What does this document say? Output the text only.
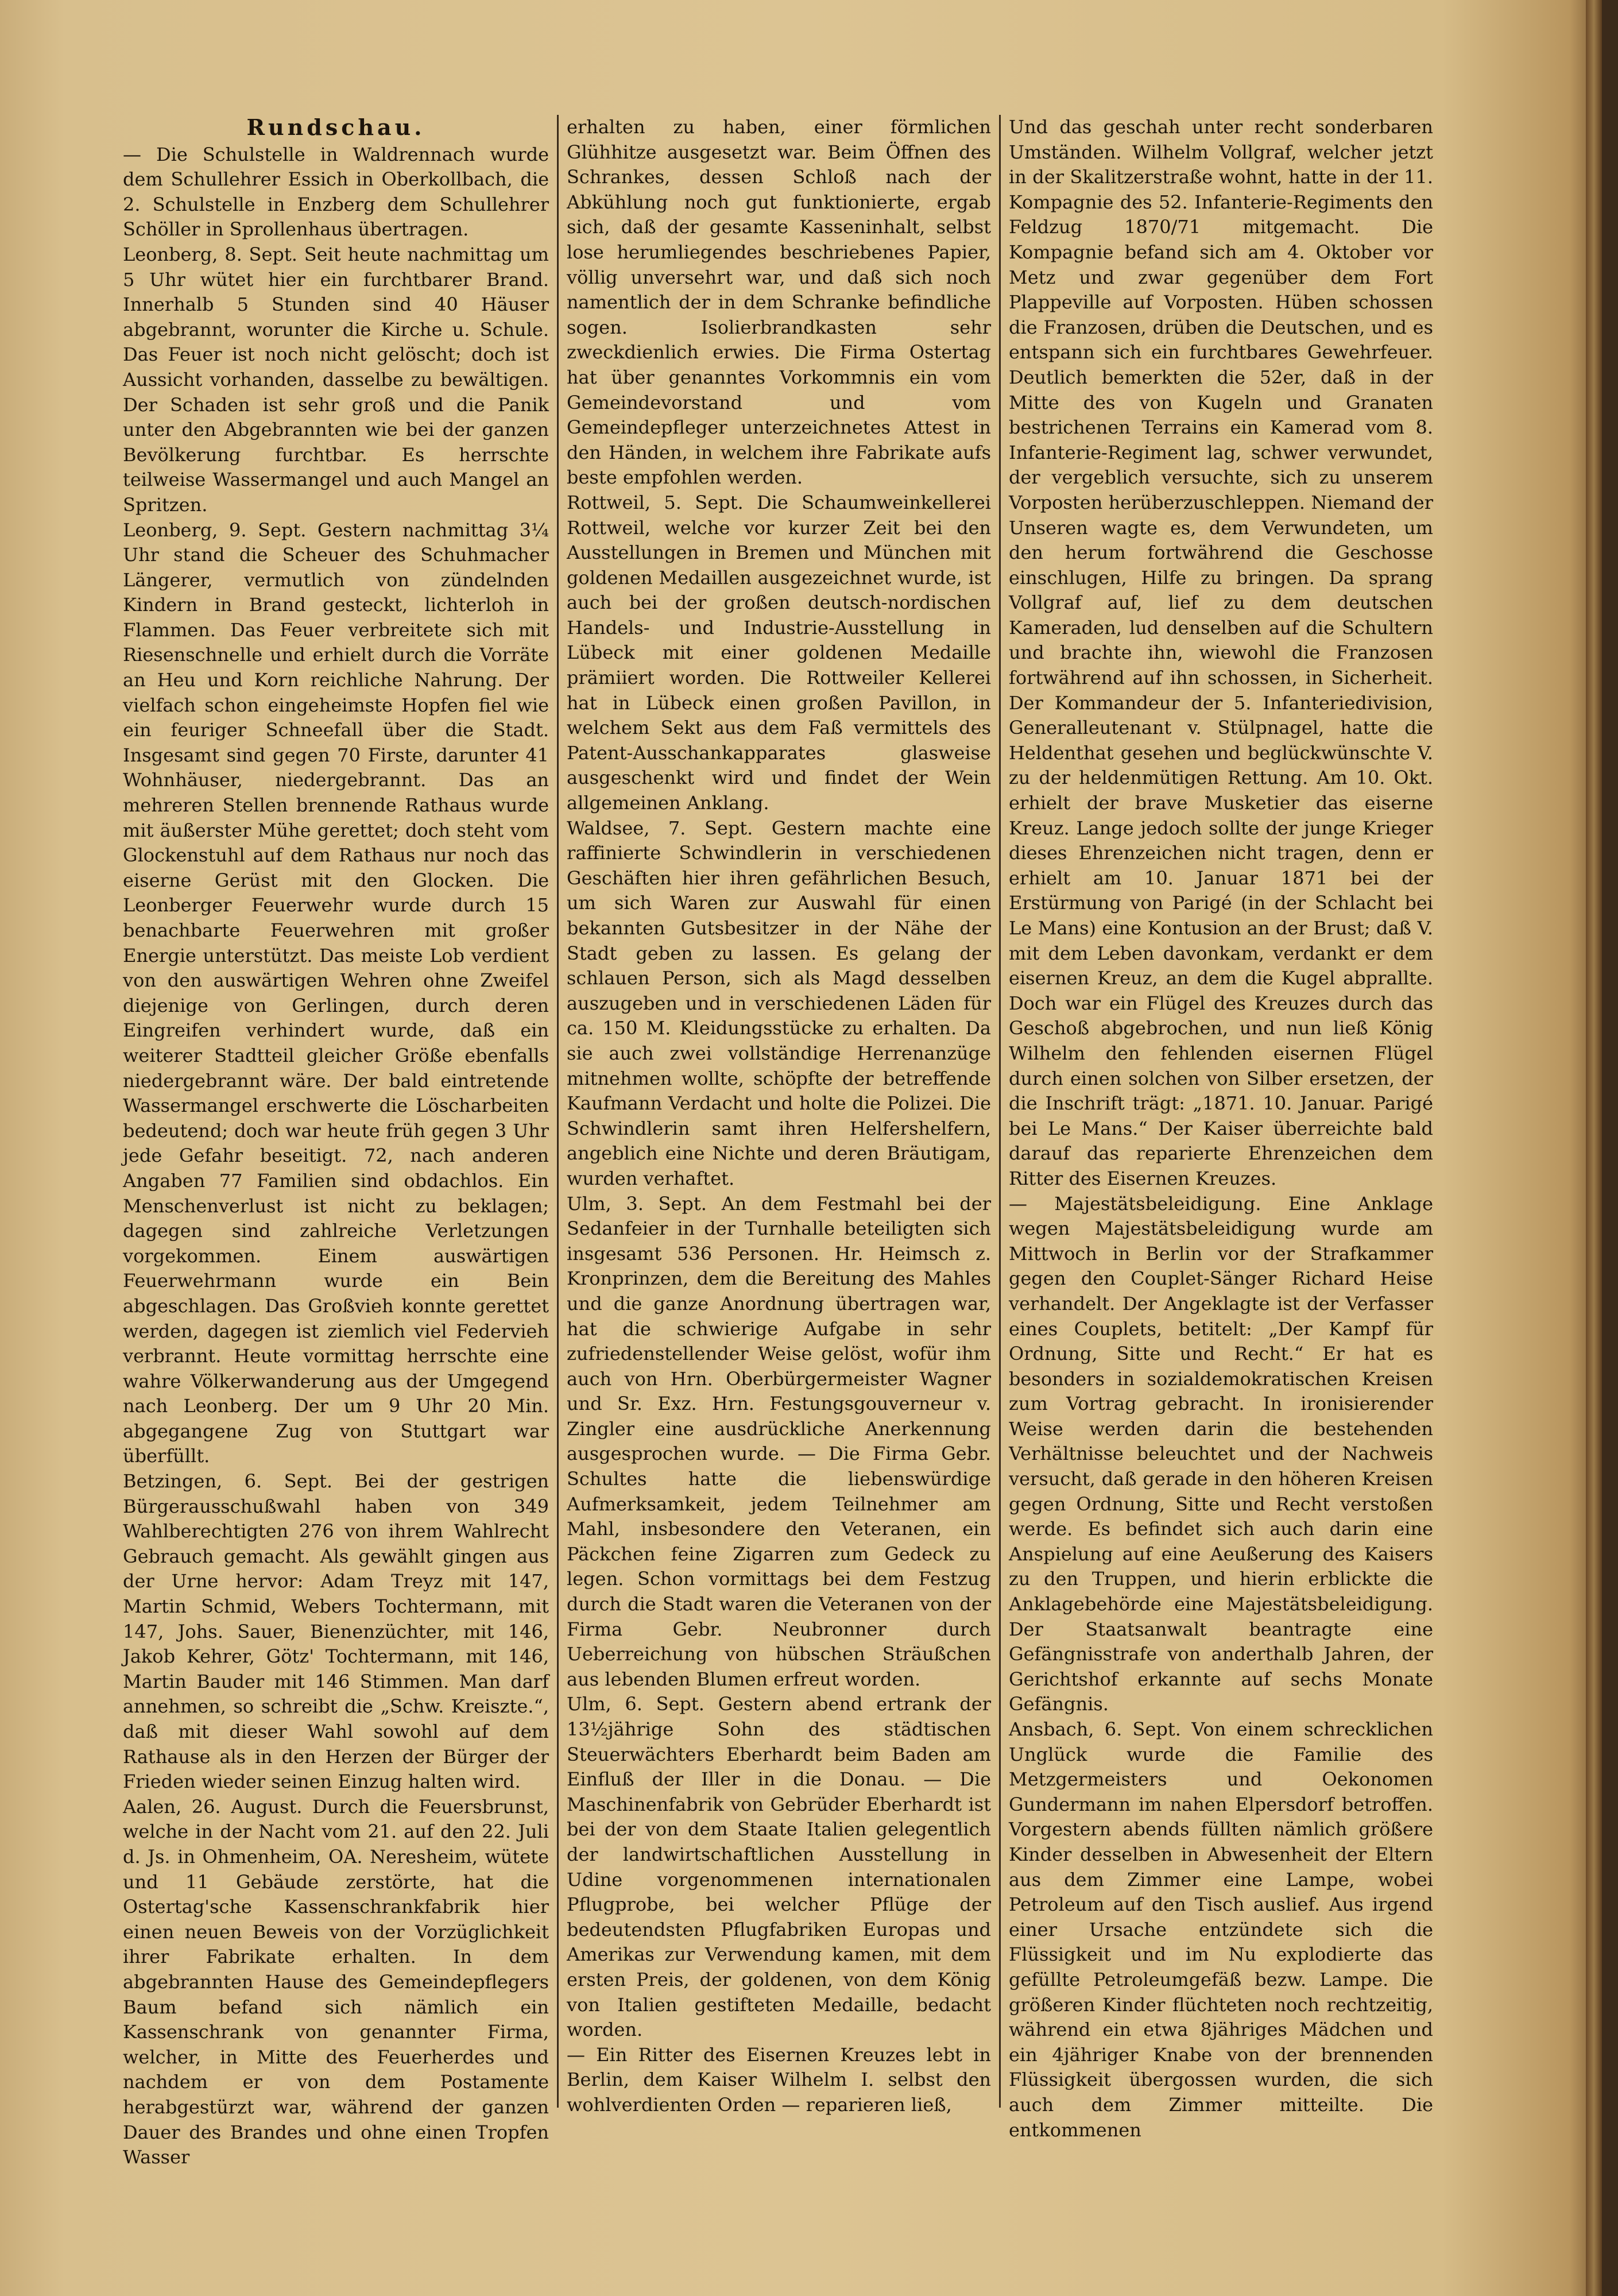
Rundschau.

— Die Schulstelle in Waldrennach wurde dem Schullehrer Essich in Oberkollbach, die 2. Schulstelle in Enzberg dem Schullehrer Schöller in Sprollenhaus übertragen.

Leonberg, 8. Sept. Seit heute nachmittag um 5 Uhr wütet hier ein furchtbarer Brand. Innerhalb 5 Stunden sind 40 Häuser abgebrannt, worunter die Kirche u. Schule. Das Feuer ist noch nicht gelöscht; doch ist Aussicht vorhanden, dasselbe zu bewältigen. Der Schaden ist sehr groß und die Panik unter den Abgebrannten wie bei der ganzen Bevölkerung furchtbar. Es herrschte teilweise Wassermangel und auch Mangel an Spritzen.

Leonberg, 9. Sept. Gestern nachmittag 3¼ Uhr stand die Scheuer des Schuhmacher Längerer, vermutlich von zündelnden Kindern in Brand gesteckt, lichterloh in Flammen. Das Feuer verbreitete sich mit Riesenschnelle und erhielt durch die Vorräte an Heu und Korn reichliche Nahrung. Der vielfach schon eingeheimste Hopfen fiel wie ein feuriger Schneefall über die Stadt. Insgesamt sind gegen 70 Firste, darunter 41 Wohnhäuser, niedergebrannt. Das an mehreren Stellen brennende Rathaus wurde mit äußerster Mühe gerettet; doch steht vom Glockenstuhl auf dem Rathaus nur noch das eiserne Gerüst mit den Glocken. Die Leonberger Feuerwehr wurde durch 15 benachbarte Feuerwehren mit großer Energie unterstützt. Das meiste Lob verdient von den auswärtigen Wehren ohne Zweifel diejenige von Gerlingen, durch deren Eingreifen verhindert wurde, daß ein weiterer Stadtteil gleicher Größe ebenfalls niedergebrannt wäre. Der bald eintretende Wassermangel erschwerte die Löscharbeiten bedeutend; doch war heute früh gegen 3 Uhr jede Gefahr beseitigt. 72, nach anderen Angaben 77 Familien sind obdachlos. Ein Menschenverlust ist nicht zu beklagen; dagegen sind zahlreiche Verletzungen vorgekommen. Einem auswärtigen Feuerwehrmann wurde ein Bein abgeschlagen. Das Großvieh konnte gerettet werden, dagegen ist ziemlich viel Federvieh verbrannt. Heute vormittag herrschte eine wahre Völkerwanderung aus der Umgegend nach Leonberg. Der um 9 Uhr 20 Min. abgegangene Zug von Stuttgart war überfüllt.

Betzingen, 6. Sept. Bei der gestrigen Bürgerausschußwahl haben von 349 Wahlberechtigten 276 von ihrem Wahlrecht Gebrauch gemacht. Als gewählt gingen aus der Urne hervor: Adam Treyz mit 147, Martin Schmid, Webers Tochtermann, mit 147, Johs. Sauer, Bienenzüchter, mit 146, Jakob Kehrer, Götz' Tochtermann, mit 146, Martin Bauder mit 146 Stimmen. Man darf annehmen, so schreibt die „Schw. Kreiszte.“, daß mit dieser Wahl sowohl auf dem Rathause als in den Herzen der Bürger der Frieden wieder seinen Einzug halten wird.

Aalen, 26. August. Durch die Feuersbrunst, welche in der Nacht vom 21. auf den 22. Juli d. Js. in Ohmenheim, OA. Neresheim, wütete und 11 Gebäude zerstörte, hat die Ostertag'sche Kassenschrankfabrik hier einen neuen Beweis von der Vorzüglichkeit ihrer Fabrikate erhalten. In dem abgebrannten Hause des Gemeindepflegers Baum befand sich nämlich ein Kassenschrank von genannter Firma, welcher, in Mitte des Feuerherdes und nachdem er von dem Postamente herabgestürzt war, während der ganzen Dauer des Brandes und ohne einen Tropfen Wasser

erhalten zu haben, einer förmlichen Glühhitze ausgesetzt war. Beim Öffnen des Schrankes, dessen Schloß nach der Abkühlung noch gut funktionierte, ergab sich, daß der gesamte Kasseninhalt, selbst lose herumliegendes beschriebenes Papier, völlig unversehrt war, und daß sich noch namentlich der in dem Schranke befindliche sogen. Isolierbrandkasten sehr zweckdienlich erwies. Die Firma Ostertag hat über genanntes Vorkommnis ein vom Gemeindevorstand und vom Gemeindepfleger unterzeichnetes Attest in den Händen, in welchem ihre Fabrikate aufs beste empfohlen werden.

Rottweil, 5. Sept. Die Schaumweinkellerei Rottweil, welche vor kurzer Zeit bei den Ausstellungen in Bremen und München mit goldenen Medaillen ausgezeichnet wurde, ist auch bei der großen deutsch-nordischen Handels- und Industrie-Ausstellung in Lübeck mit einer goldenen Medaille prämiiert worden. Die Rottweiler Kellerei hat in Lübeck einen großen Pavillon, in welchem Sekt aus dem Faß vermittels des Patent-Ausschankapparates glasweise ausgeschenkt wird und findet der Wein allgemeinen Anklang.

Waldsee, 7. Sept. Gestern machte eine raffinierte Schwindlerin in verschiedenen Geschäften hier ihren gefährlichen Besuch, um sich Waren zur Auswahl für einen bekannten Gutsbesitzer in der Nähe der Stadt geben zu lassen. Es gelang der schlauen Person, sich als Magd desselben auszugeben und in verschiedenen Läden für ca. 150 M. Kleidungsstücke zu erhalten. Da sie auch zwei vollständige Herrenanzüge mitnehmen wollte, schöpfte der betreffende Kaufmann Verdacht und holte die Polizei. Die Schwindlerin samt ihren Helfershelfern, angeblich eine Nichte und deren Bräutigam, wurden verhaftet.

Ulm, 3. Sept. An dem Festmahl bei der Sedanfeier in der Turnhalle beteiligten sich insgesamt 536 Personen. Hr. Heimsch z. Kronprinzen, dem die Bereitung des Mahles und die ganze Anordnung übertragen war, hat die schwierige Aufgabe in sehr zufriedenstellender Weise gelöst, wofür ihm auch von Hrn. Oberbürgermeister Wagner und Sr. Exz. Hrn. Festungsgouverneur v. Zingler eine ausdrückliche Anerkennung ausgesprochen wurde. — Die Firma Gebr. Schultes hatte die liebenswürdige Aufmerksamkeit, jedem Teilnehmer am Mahl, insbesondere den Veteranen, ein Päckchen feine Zigarren zum Gedeck zu legen. Schon vormittags bei dem Festzug durch die Stadt waren die Veteranen von der Firma Gebr. Neubronner durch Ueberreichung von hübschen Sträußchen aus lebenden Blumen erfreut worden.

Ulm, 6. Sept. Gestern abend ertrank der 13½jährige Sohn des städtischen Steuerwächters Eberhardt beim Baden am Einfluß der Iller in die Donau. — Die Maschinenfabrik von Gebrüder Eberhardt ist bei der von dem Staate Italien gelegentlich der landwirtschaftlichen Ausstellung in Udine vorgenommenen internationalen Pflugprobe, bei welcher Pflüge der bedeutendsten Pflugfabriken Europas und Amerikas zur Verwendung kamen, mit dem ersten Preis, der goldenen, von dem König von Italien gestifteten Medaille, bedacht worden.

— Ein Ritter des Eisernen Kreuzes lebt in Berlin, dem Kaiser Wilhelm I. selbst den wohlverdienten Orden — reparieren ließ,

Und das geschah unter recht sonderbaren Umständen. Wilhelm Vollgraf, welcher jetzt in der Skalitzerstraße wohnt, hatte in der 11. Kompagnie des 52. Infanterie-Regiments den Feldzug 1870/71 mitgemacht. Die Kompagnie befand sich am 4. Oktober vor Metz und zwar gegenüber dem Fort Plappeville auf Vorposten. Hüben schossen die Franzosen, drüben die Deutschen, und es entspann sich ein furchtbares Gewehrfeuer. Deutlich bemerkten die 52er, daß in der Mitte des von Kugeln und Granaten bestrichenen Terrains ein Kamerad vom 8. Infanterie-Regiment lag, schwer verwundet, der vergeblich versuchte, sich zu unserem Vorposten herüberzuschleppen. Niemand der Unseren wagte es, dem Verwundeten, um den herum fortwährend die Geschosse einschlugen, Hilfe zu bringen. Da sprang Vollgraf auf, lief zu dem deutschen Kameraden, lud denselben auf die Schultern und brachte ihn, wiewohl die Franzosen fortwährend auf ihn schossen, in Sicherheit. Der Kommandeur der 5. Infanteriedivision, Generalleutenant v. Stülpnagel, hatte die Heldenthat gesehen und beglückwünschte V. zu der heldenmütigen Rettung. Am 10. Okt. erhielt der brave Musketier das eiserne Kreuz. Lange jedoch sollte der junge Krieger dieses Ehrenzeichen nicht tragen, denn er erhielt am 10. Januar 1871 bei der Erstürmung von Parigé (in der Schlacht bei Le Mans) eine Kontusion an der Brust; daß V. mit dem Leben davonkam, verdankt er dem eisernen Kreuz, an dem die Kugel abprallte. Doch war ein Flügel des Kreuzes durch das Geschoß abgebrochen, und nun ließ König Wilhelm den fehlenden eisernen Flügel durch einen solchen von Silber ersetzen, der die Inschrift trägt: „1871. 10. Januar. Parigé bei Le Mans.“ Der Kaiser überreichte bald darauf das reparierte Ehrenzeichen dem Ritter des Eisernen Kreuzes.

— Majestätsbeleidigung. Eine Anklage wegen Majestätsbeleidigung wurde am Mittwoch in Berlin vor der Strafkammer gegen den Couplet-Sänger Richard Heise verhandelt. Der Angeklagte ist der Verfasser eines Couplets, betitelt: „Der Kampf für Ordnung, Sitte und Recht.“ Er hat es besonders in sozialdemokratischen Kreisen zum Vortrag gebracht. In ironisierender Weise werden darin die bestehenden Verhältnisse beleuchtet und der Nachweis versucht, daß gerade in den höheren Kreisen gegen Ordnung, Sitte und Recht verstoßen werde. Es befindet sich auch darin eine Anspielung auf eine Aeußerung des Kaisers zu den Truppen, und hierin erblickte die Anklagebehörde eine Majestätsbeleidigung. Der Staatsanwalt beantragte eine Gefängnisstrafe von anderthalb Jahren, der Gerichtshof erkannte auf sechs Monate Gefängnis.

Ansbach, 6. Sept. Von einem schrecklichen Unglück wurde die Familie des Metzgermeisters und Oekonomen Gundermann im nahen Elpersdorf betroffen. Vorgestern abends füllten nämlich größere Kinder desselben in Abwesenheit der Eltern aus dem Zimmer eine Lampe, wobei Petroleum auf den Tisch auslief. Aus irgend einer Ursache entzündete sich die Flüssigkeit und im Nu explodierte das gefüllte Petroleumgefäß bezw. Lampe. Die größeren Kinder flüchteten noch rechtzeitig, während ein etwa 8jähriges Mädchen und ein 4jähriger Knabe von der brennenden Flüssigkeit übergossen wurden, die sich auch dem Zimmer mitteilte. Die entkommenen
